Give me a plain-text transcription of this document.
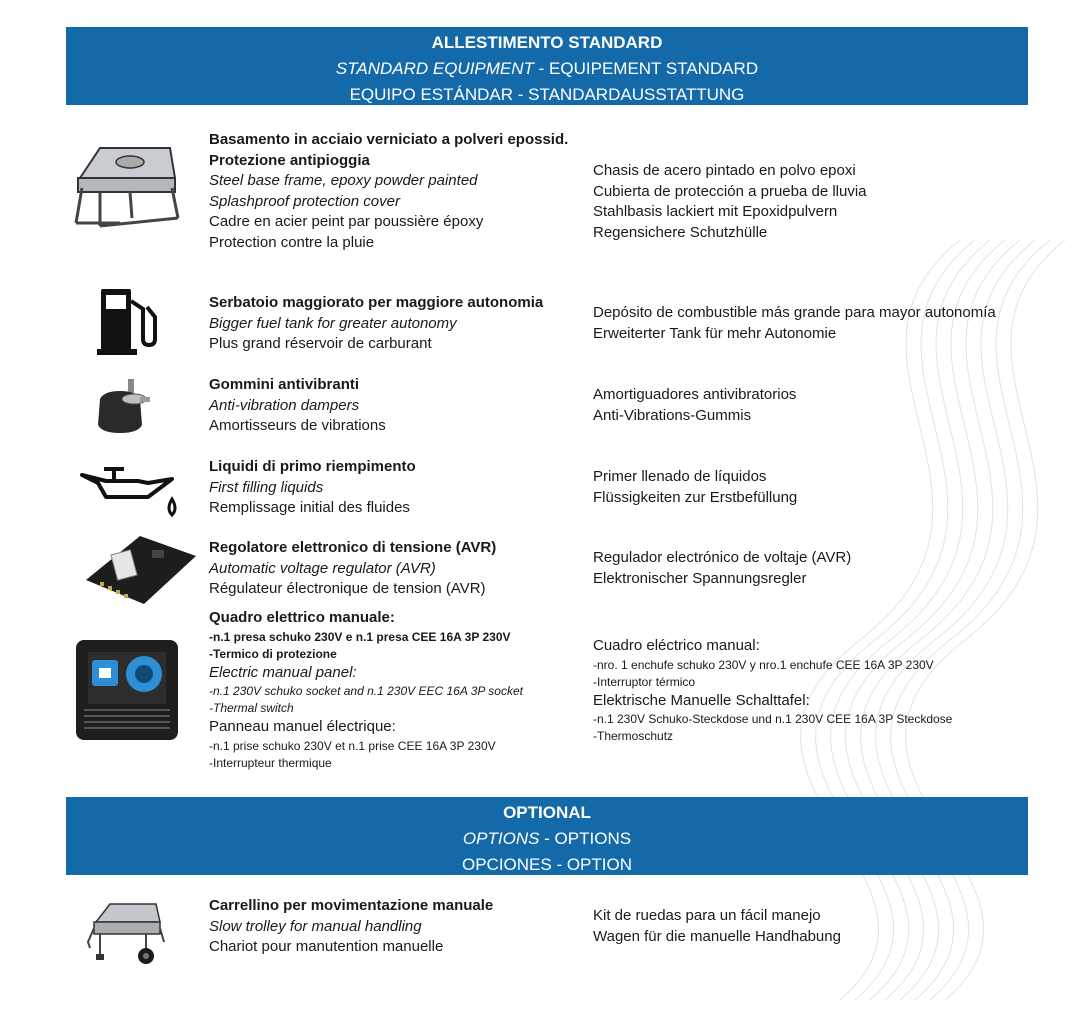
ALLESTIMENTO STANDARD
STANDARD EQUIPMENT - EQUIPEMENT STANDARD
EQUIPO ESTÁNDAR - STANDARDAUSSTATTUNG
Basamento in acciaio verniciato a polveri epossid.
Protezione antipioggia
Steel base frame, epoxy powder painted
Splashproof protection cover
Cadre en acier peint par poussière époxy
Protection contre la pluie
Chasis de acero pintado en polvo epoxi
Cubierta de protección a prueba de lluvia
Stahlbasis lackiert mit Epoxidpulvern
Regensichere Schutzhülle
Serbatoio maggiorato per maggiore autonomia
Bigger fuel tank for greater autonomy
Plus grand réservoir de carburant
Depósito de combustible más grande para mayor autonomía
Erweiterter Tank für mehr Autonomie
Gommini antivibranti
Anti-vibration dampers
Amortisseurs de vibrations
Amortiguadores antivibratorios
Anti-Vibrations-Gummis
Liquidi di primo riempimento
First filling liquids
Remplissage initial des fluides
Primer llenado de líquidos
Flüssigkeiten zur Erstbefüllung
Regolatore elettronico di tensione (AVR)
Automatic voltage regulator (AVR)
Régulateur électronique de tension (AVR)
Regulador electrónico de voltaje (AVR)
Elektronischer Spannungsregler
Quadro elettrico manuale:
-n.1 presa schuko 230V e n.1 presa CEE 16A 3P 230V
-Termico di protezione
Electric manual panel:
-n.1 230V schuko socket and n.1 230V EEC 16A 3P socket
-Thermal switch
Panneau manuel électrique:
-n.1 prise schuko 230V et n.1 prise CEE 16A 3P 230V
-Interrupteur thermique
Cuadro eléctrico manual:
-nro. 1 enchufe schuko 230V y nro.1 enchufe CEE 16A 3P 230V
-Interruptor térmico
Elektrische Manuelle Schalttafel:
-n.1 230V Schuko-Steckdose und n.1 230V CEE 16A 3P Steckdose
-Thermoschutz
OPTIONAL
OPTIONS - OPTIONS
OPCIONES - OPTION
Carrellino per movimentazione manuale
Slow trolley for manual handling
Chariot pour manutention manuelle
Kit de ruedas para un fácil manejo
Wagen für die manuelle Handhabung
